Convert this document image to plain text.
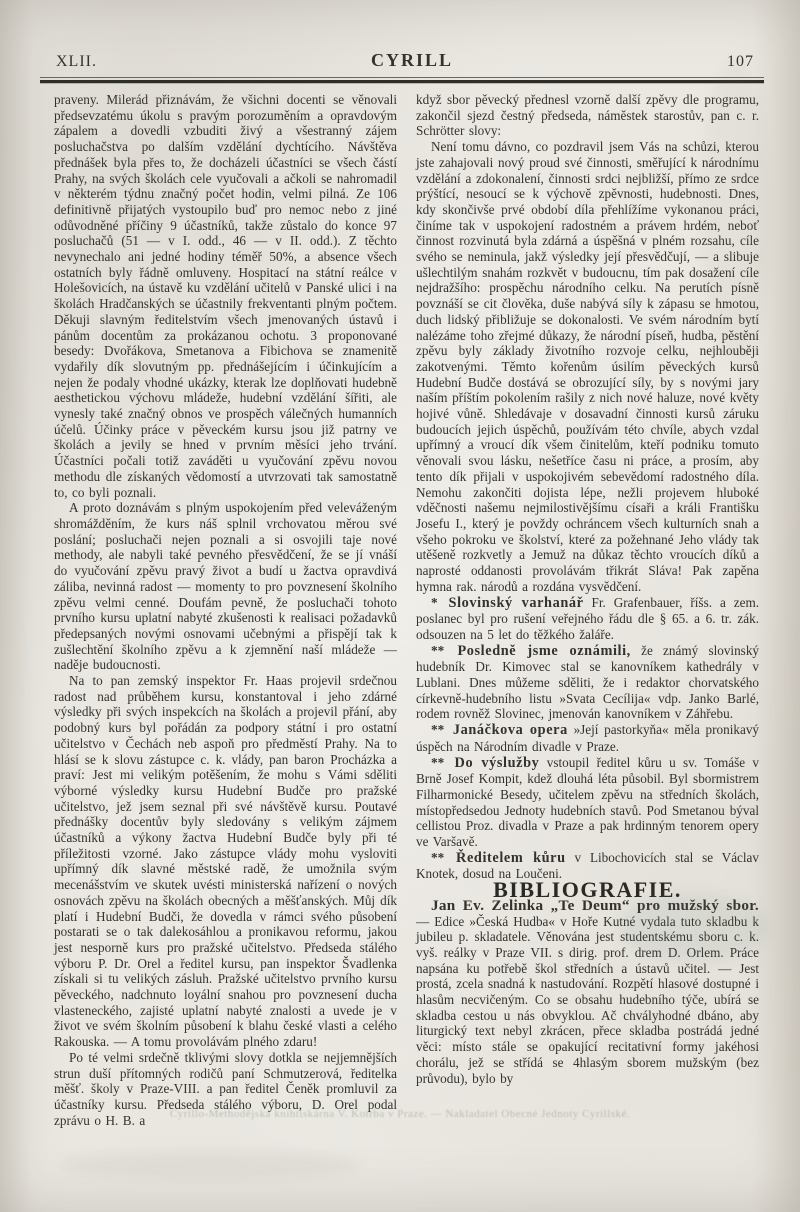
XLII.	CYRILL	107

praveny. Milerád přiznávám, že všichni docenti se věnovali předsevzatému úkolu s pravým porozuměním a opravdovým zápalem a dovedli vzbuditi živý a všestranný zájem posluchačstva po dalším vzdělání dychtícího. Návštěva přednášek byla přes to, že docházeli účastníci se všech částí Prahy, na svých školách cele vyučovali a ačkoli se nahromadil v některém týdnu značný počet hodin, velmi pilná. Ze 106 definitivně přijatých vystoupilo buď pro nemoc nebo z jiné odůvodněné příčiny 9 účastníků, takže zůstalo do konce 97 posluchačů (51 — v I. odd., 46 — v II. odd.). Z těchto nevynechalo ani jedné hodiny téměř 50%, a absence všech ostatních byly řádně omluveny. Hospitací na státní reálce v Holešovicích, na ústavě ku vzdělání učitelů v Panské ulici i na školách Hradčanských se účastnily frekventanti plným počtem. Děkuji slavným ředitelstvím všech jmenovaných ústavů i pánům docentům za prokázanou ochotu. 3 proponované besedy: Dvořákova, Smetanova a Fibichova se znamenitě vydařily dík slovutným pp. přednášejícím i účinkujícím a nejen že podaly vhodné ukázky, kterak lze doplňovati hudebně aesthetickou výchovu mládeže, hudební vzdělání šířiti, ale vynesly také značný obnos ve prospěch válečných humanních účelů. Účinky práce v pěveckém kursu jsou již patrny ve školách a jevily se hned v prvním měsíci jeho trvání. Účastníci počali totiž zaváděti u vyučování zpěvu novou methodu dle získaných vědomostí a utvrzovati tak samostatně to, co byli poznali.

A proto doznávám s plným uspokojením před veleváženým shromážděním, že kurs náš splnil vrchovatou měrou své poslání; posluchači nejen poznali a si osvojili taje nové methody, ale nabyli také pevného přesvědčení, že se jí vnáší do vyučování zpěvu pravý život a budí u žactva opravdivá záliba, nevinná radost — momenty to pro povznesení školního zpěvu velmi cenné. Doufám pevně, že posluchači tohoto prvního kursu uplatní nabyté zkušenosti k realisaci požadavků předepsaných novými osnovami učebnými a přispějí tak k zušlechtění školního zpěvu a k zjemnění naší mládeže — naděje budoucnosti.

Na to pan zemský inspektor Fr. Haas projevil srdečnou radost nad průběhem kursu, konstantoval i jeho zdárné výsledky při svých inspekcích na školách a projevil přání, aby podobný kurs byl pořádán za podpory státní i pro ostatní učitelstvo v Čechách neb aspoň pro předměstí Prahy. Na to hlásí se k slovu zástupce c. k. vlády, pan baron Procházka a praví: Jest mi velikým potěšením, že mohu s Vámi sděliti výborné výsledky kursu Hudební Budče pro pražské učitelstvo, jež jsem seznal při své návštěvě kursu. Poutavé přednášky docentův byly sledovány s velikým zájmem účastníků a výkony žactva Hudební Budče byly při té příležitosti vzorné. Jako zástupce vlády mohu vysloviti upřímný dík slavné městské radě, že umožnila svým mecenášstvím ve skutek uvésti ministerská nařízení o nových osnovách zpěvu na školách obecných a měšťanských. Můj dík platí i Hudební Budči, že dovedla v rámci svého působení postarati se o tak dalekosáhlou a pronikavou reformu, jakou jest nesporně kurs pro pražské učitelstvo. Předseda stálého výboru P. Dr. Orel a ředitel kursu, pan inspektor Švadlenka získali si tu velikých zásluh. Pražské učitelstvo prvního kursu pěveckého, nadchnuto loyální snahou pro povznesení ducha vlasteneckého, zajisté uplatní nabyté znalosti a uvede je v život ve svém školním působení k blahu české vlasti a celého Rakouska. — A tomu provolávám plného zdaru!

Po té velmi srdečně tklivými slovy dotkla se nejjemnějších strun duší přítomných rodičů paní Schmutzerová, ředitelka měšť. školy v Praze-VIII. a pan ředitel Čeněk promluvil za účastníky kursu. Předseda stálého výboru, D. Orel podal zprávu o H. B. a

když sbor pěvecký přednesl vzorně další zpěvy dle programu, zakončil sjezd čestný předseda, náměstek starostův, pan c. r. Schrötter slovy:

Není tomu dávno, co pozdravil jsem Vás na schůzi, kterou jste zahajovali nový proud své činnosti, směřující k národnímu vzdělání a zdokonalení, činnosti srdci nejbližší, přímo ze srdce prýštící, nesoucí se k výchově zpěvnosti, hudebnosti. Dnes, kdy skončivše prvé období díla přehlížíme vykonanou práci, činíme tak v uspokojení radostném a právem hrdém, neboť činnost rozvinutá byla zdárná a úspěšná v plném rozsahu, cíle svého se neminula, jakž výsledky její přesvědčují, — a slibuje ušlechtilým snahám rozkvět v budoucnu, tím pak dosažení cíle nejdražšího: prospěchu národního celku. Na perutích písně povznáší se cit člověka, duše nabývá síly k zápasu se hmotou, duch lidský přibližuje se dokonalosti. Ve svém národním bytí nalézáme toho zřejmé důkazy, že národní píseň, hudba, pěstění zpěvu byly základy životního rozvoje celku, nejhlouběji zakotvenými. Těmto kořenům úsilím pěveckých kursů Hudební Budče dostává se obrozující síly, by s novými jary naším příštím pokolením rašily z nich nové haluze, nové květy hojivé vůně. Shledávaje v dosavadní činnosti kursů záruku budoucích jejich úspěchů, používám této chvíle, abych vzdal upřímný a vroucí dík všem činitelům, kteří podniku tomuto věnovali svou lásku, nešetříce času ni práce, a prosím, aby tento dík přijali v uspokojivém sebevědomí radostného díla. Nemohu zakončiti dojista lépe, nežli projevem hluboké vděčnosti našemu nejmilostivějšímu císaři a králi Františku Josefu I., který je povždy ochráncem všech kulturních snah a všeho pokroku ve školství, které za požehnané Jeho vlády tak utěšeně rozkvetly a Jemuž na důkaz těchto vroucích díků a naprosté oddanosti provolávám třikrát Sláva! Pak zapěna hymna rak. národů a rozdána vysvědčení.

* Slovinský varhanář Fr. Grafenbauer, říšs. a zem. poslanec byl pro rušení veřejného řádu dle § 65. a 6. tr. zák. odsouzen na 5 let do těžkého žaláře.

** Posledně jsme oznámili, že známý slovinský hudebník Dr. Kimovec stal se kanovníkem kathedrály v Lublani. Dnes můžeme sděliti, že i redaktor chorvatského církevně-hudebního listu »Svata Cecílija« vdp. Janko Barlé, rodem rovněž Slovinec, jmenován kanovníkem v Záhřebu.

** Janáčkova opera »Její pastorkyňa« měla pronikavý úspěch na Národním divadle v Praze.

** Do výslužby vstoupil ředitel kůru u sv. Tomáše v Brně Josef Kompit, kdež dlouhá léta působil. Byl sbormistrem Filharmonické Besedy, učitelem zpěvu na středních školách, místopředsedou Jednoty hudebních stavů. Pod Smetanou býval cellistou Proz. divadla v Praze a pak hrdinným tenorem opery ve Varšavě.

** Ředitelem kůru v Libochovicích stal se Václav Knotek, dosud na Loučeni.

BIBLIOGRAFIE.

Jan Ev. Zelinka „Te Deum“ pro mužský sbor. — Edice »Česká Hudba« v Hoře Kutné vydala tuto skladbu k jubileu p. skladatele. Věnována jest studentskému sboru c. k. vyš. reálky v Praze VII. s dirig. prof. drem D. Orlem. Práce napsána ku potřebě škol středních a ústavů učitel. — Jest prostá, zcela snadná k nastudování. Rozpětí hlasové dostupné i hlasům necvičeným. Co se obsahu hudebního týče, ubírá se skladba cestou u nás obvyklou. Ač chvályhodné dbáno, aby liturgický text nebyl zkrácen, přece skladba postrádá jedné věci: místo stále se opakující recitativní formy jakéhosi chorálu, jež se střídá se 4hlasým sborem mužským (bez průvodu), bylo by

Cyrillo-Methodějská knihtiskárna V. Kotrba v Praze. — Nakladatel Obecné Jednoty Cyrillské.
